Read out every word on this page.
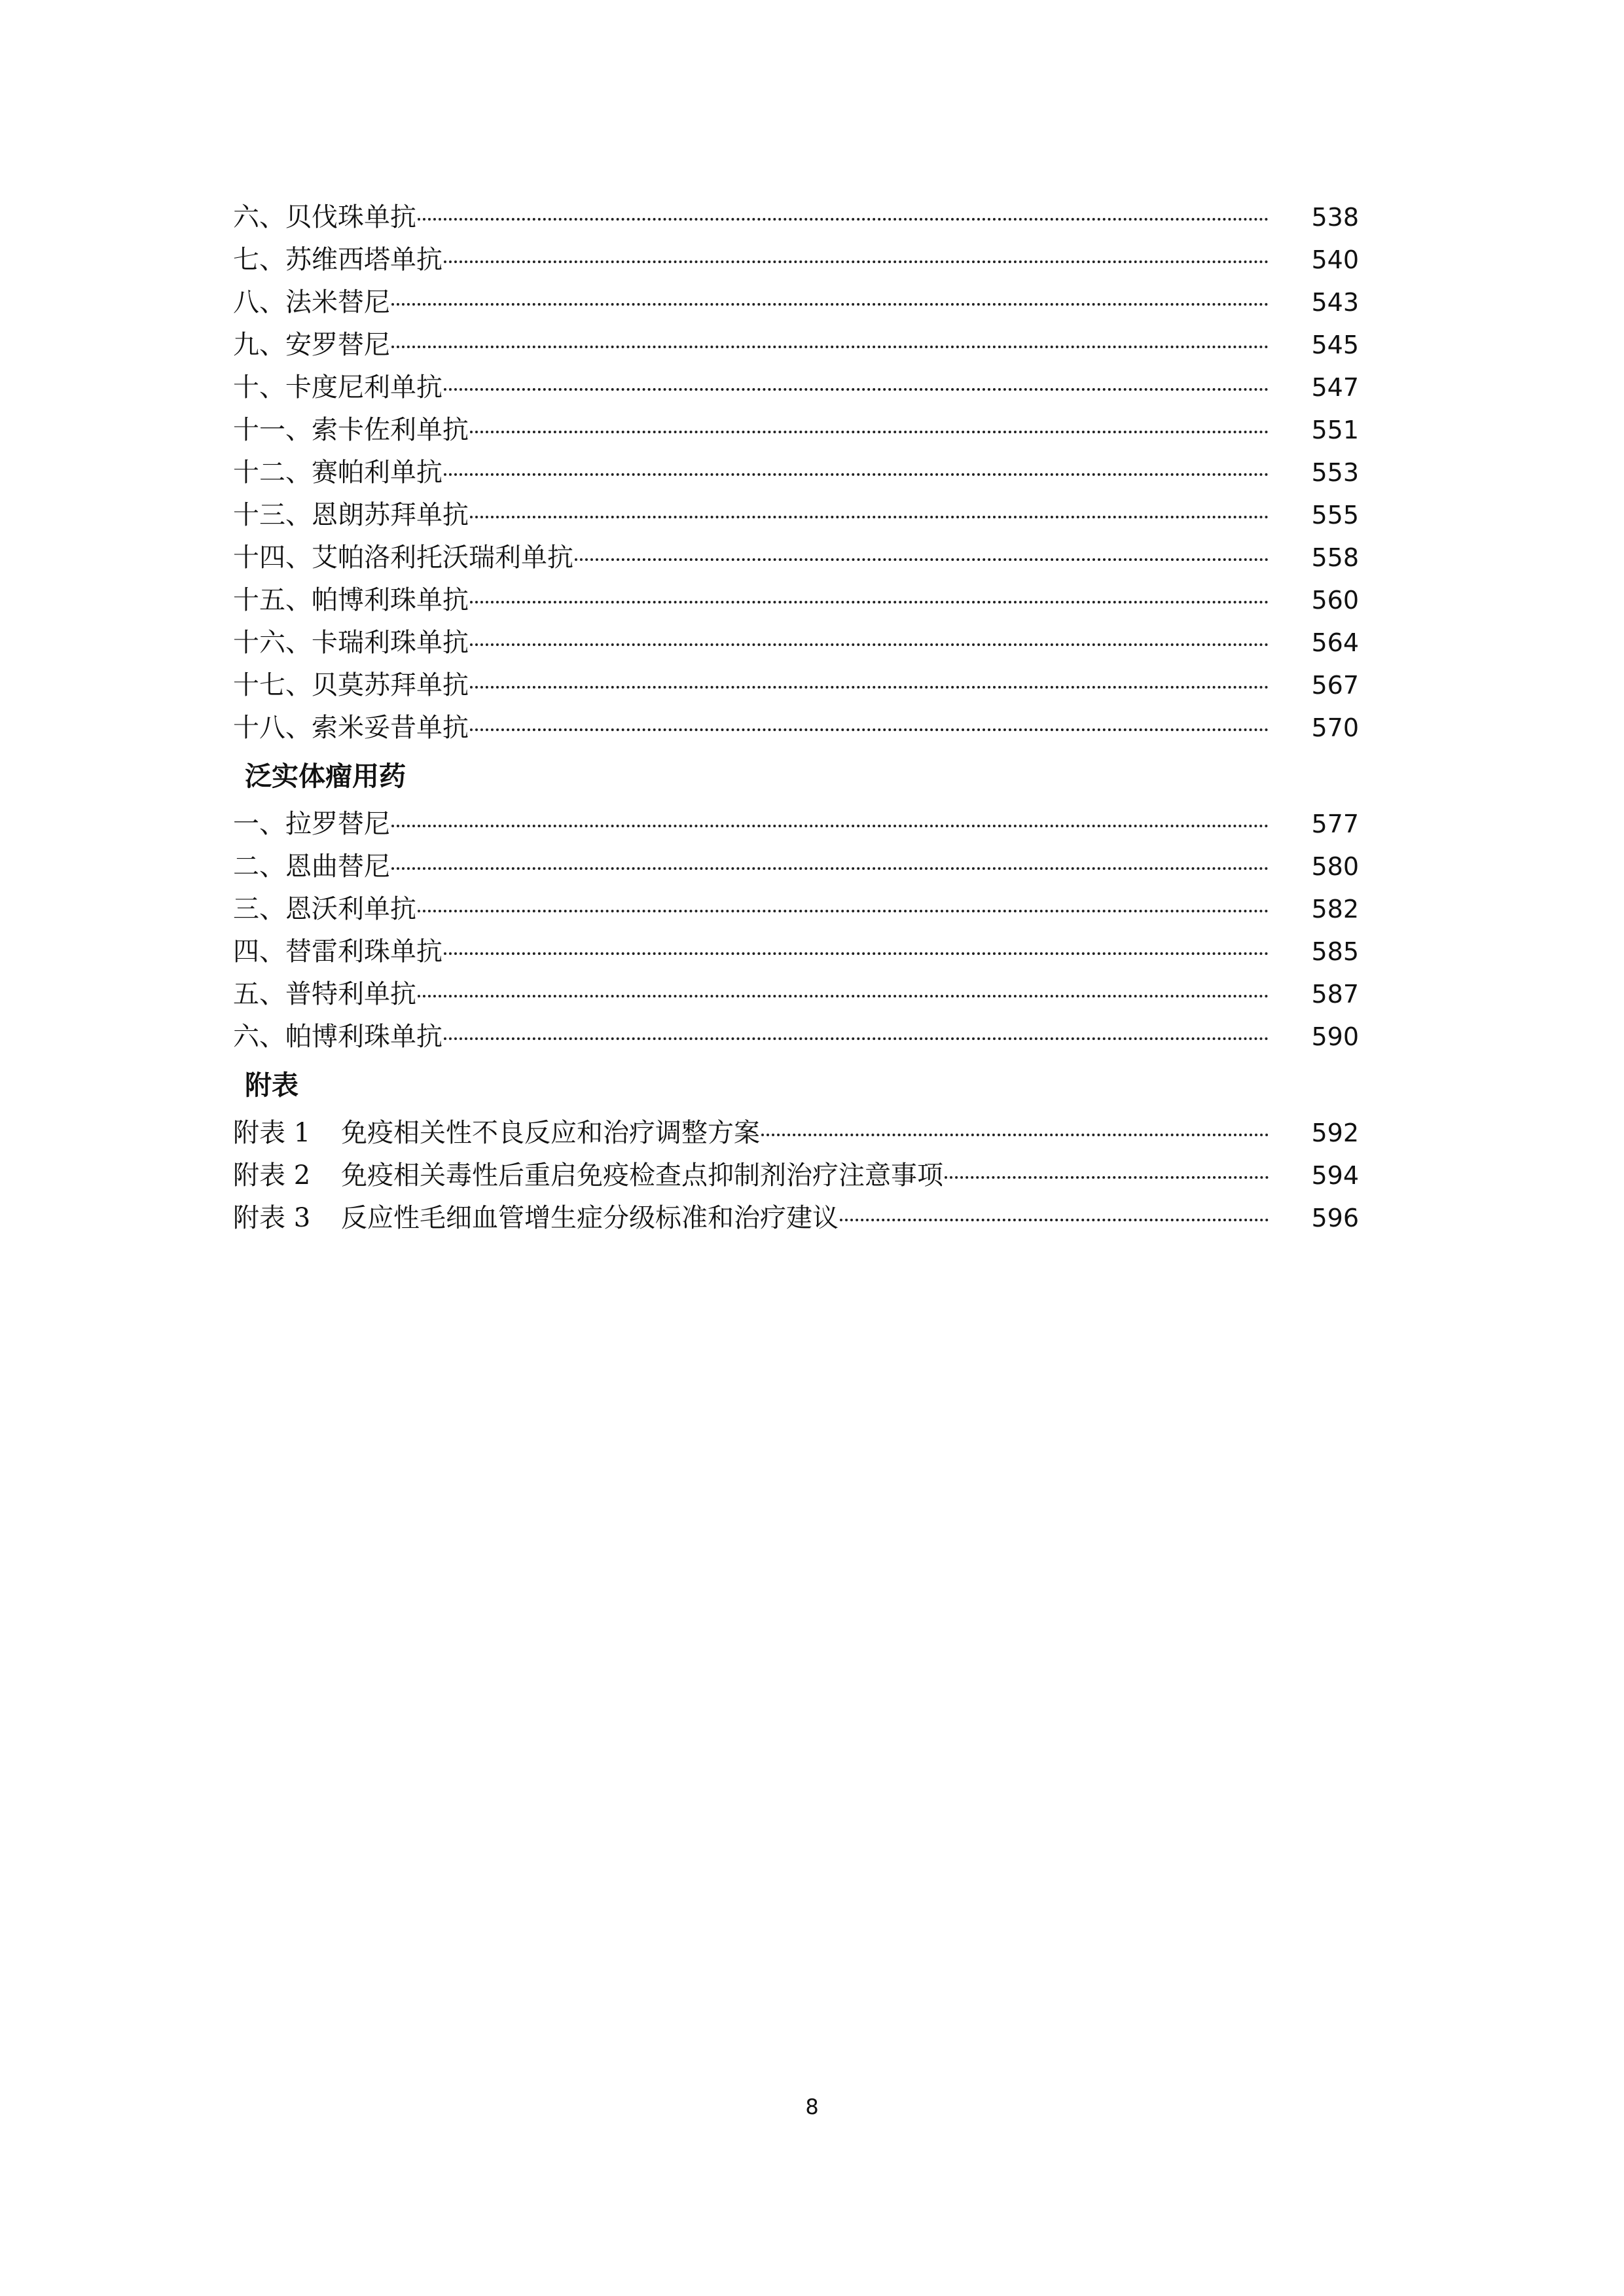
六、贝伐珠单抗	538
七、苏维西塔单抗	540
八、法米替尼	543
九、安罗替尼	545
十、卡度尼利单抗	547
十一、索卡佐利单抗	551
十二、赛帕利单抗	553
十三、恩朗苏拜单抗	555
十四、艾帕洛利托沃瑞利单抗	558
十五、帕博利珠单抗	560
十六、卡瑞利珠单抗	564
十七、贝莫苏拜单抗	567
十八、索米妥昔单抗	570
泛实体瘤用药
一、拉罗替尼	577
二、恩曲替尼	580
三、恩沃利单抗	582
四、替雷利珠单抗	585
五、普特利单抗	587
六、帕博利珠单抗	590
附表
附表 1 免疫相关性不良反应和治疗调整方案	592
附表 2 免疫相关毒性后重启免疫检查点抑制剂治疗注意事项	594
附表 3 反应性毛细血管增生症分级标准和治疗建议	596
8
